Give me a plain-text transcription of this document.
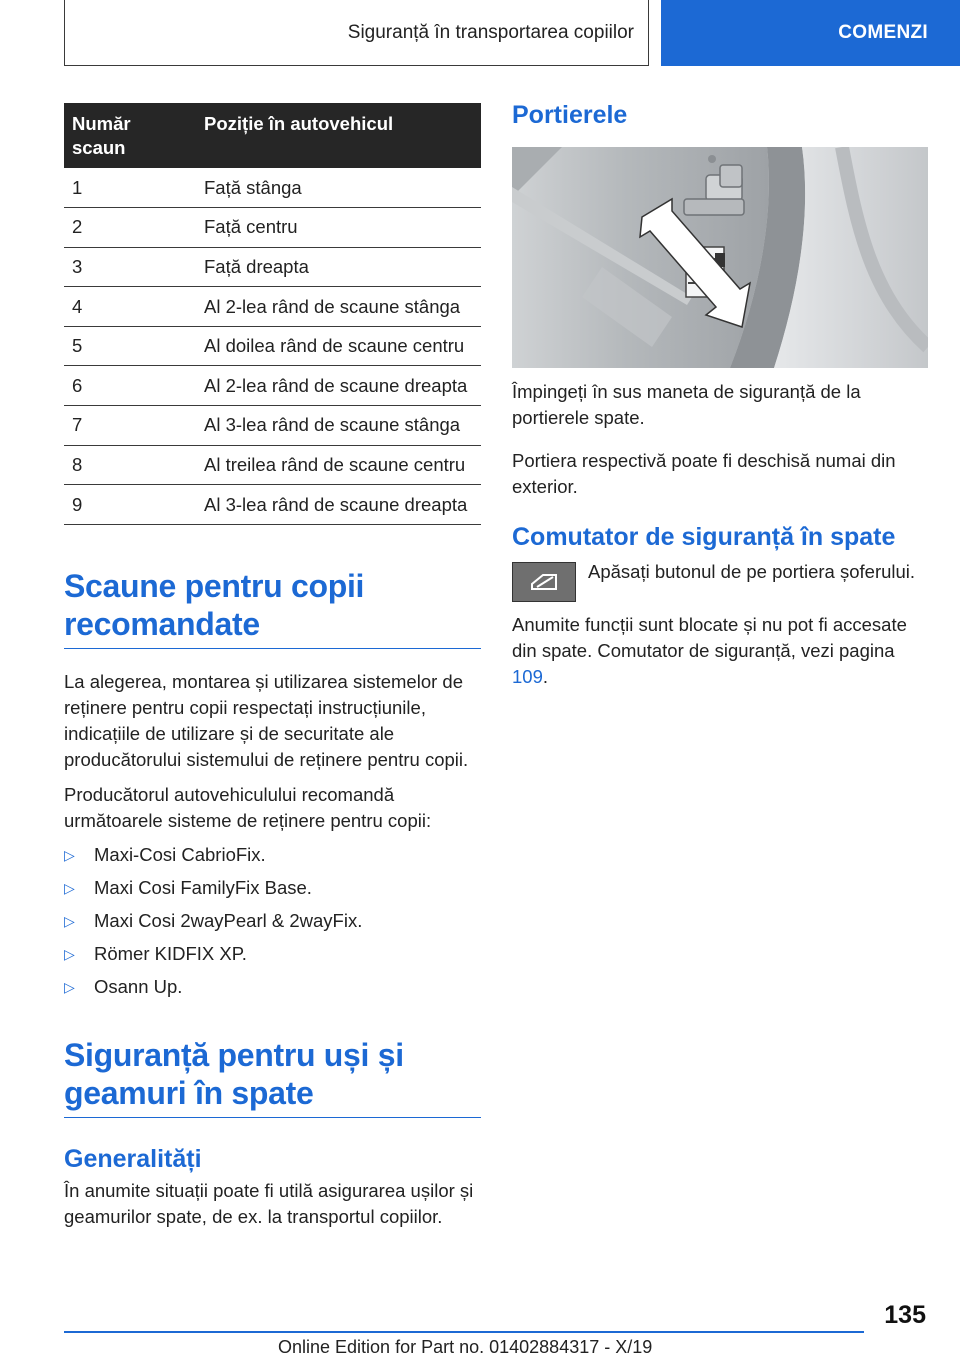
Siguranță în transportarea copiilor	COMENZI
Număr scaun	Poziție în autovehicul
1	Față stânga
2	Față centru
3	Față dreapta
4	Al 2-lea rând de scaune stânga
5	Al doilea rând de scaune centru
6	Al 2-lea rând de scaune dreapta
7	Al 3-lea rând de scaune stânga
8	Al treilea rând de scaune centru
9	Al 3-lea rând de scaune dreapta
Scaune pentru copii
recomandate

La alegerea, montarea și utilizarea sistemelor de reținere pentru copii respectați instrucțiunile, indicațiile de utilizare și de securitate ale producătorului sistemului de reținere pentru copii.

Producătorul autovehiculului recomandă următoarele sisteme de reținere pentru copii:

▷	Maxi-Cosi CabrioFix.
▷	Maxi Cosi FamilyFix Base.
▷	Maxi Cosi 2wayPearl & 2wayFix.
▷	Römer KIDFIX XP.
▷	Osann Up.
Siguranță pentru uși și
geamuri în spate
Generalități

În anumite situații poate fi utilă asigurarea ușilor și geamurilor spate, de ex. la transportul copiilor.

Portierele

Împingeți în sus maneta de siguranță de la portierele spate.

Portiera respectivă poate fi deschisă numai din exterior.

Comutator de siguranță în spate

Apăsați butonul de pe portiera șoferului.

Anumite funcții sunt blocate și nu pot fi accesate din spate. Comutator de siguranță, vezi pagina 109.

135
Online Edition for Part no. 01402884317 - X/19
